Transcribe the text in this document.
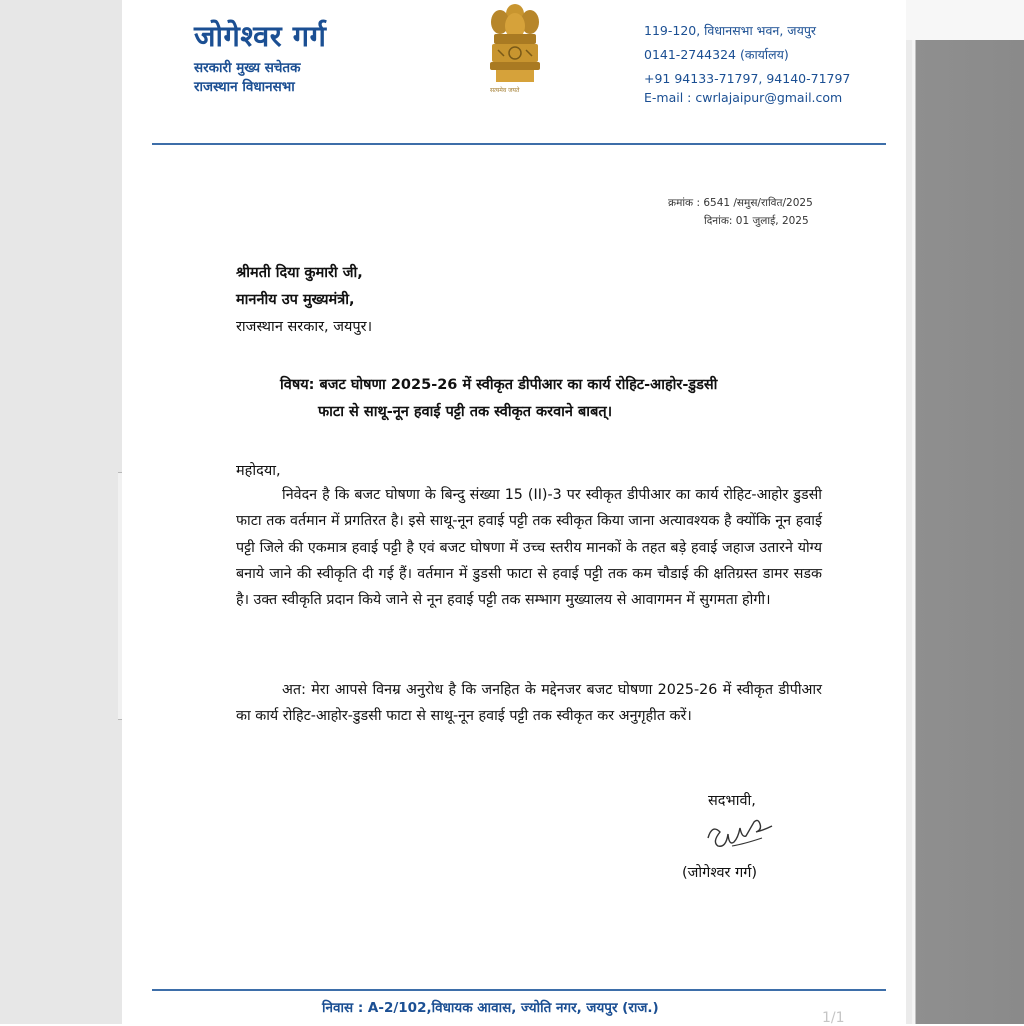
जोगेश्वर गर्ग
सरकारी मुख्य सचेतक
राजस्थान विधानसभा	सत्यमेव जयते
119-120, विधानसभा भवन, जयपुर
0141-2744324 (कार्यालय)
+91 94133-71797, 94140-71797
E-mail : cwrlajaipur@gmail.com
क्रमांक : 6541 /समुस/रावित/2025
दिनांक: 01 जुलाई, 2025
श्रीमती दिया कुमारी जी,
माननीय उप मुख्यमंत्री,
राजस्थान सरकार, जयपुर।
विषय: बजट घोषणा 2025-26 में स्वीकृत डीपीआर का कार्य रोहिट-आहोर-डुडसी
फाटा से साथू-नून हवाई पट्टी तक स्वीकृत करवाने बाबत्।
महोदया,
निवेदन है कि बजट घोषणा के बिन्दु संख्या 15 (II)-3 पर स्वीकृत डीपीआर का कार्य रोहिट-आहोर डुडसी फाटा तक वर्तमान में प्रगतिरत है। इसे साथू-नून हवाई पट्टी तक स्वीकृत किया जाना अत्यावश्यक है क्योंकि नून हवाई पट्टी जिले की एकमात्र हवाई पट्टी है एवं बजट घोषणा में उच्च स्तरीय मानकों के तहत बड़े हवाई जहाज उतारने योग्य बनाये जाने की स्वीकृति दी गई हैं। वर्तमान में डुडसी फाटा से हवाई पट्टी तक कम चौडाई की क्षतिग्रस्त डामर सडक है। उक्त स्वीकृति प्रदान किये जाने से नून हवाई पट्टी तक सम्भाग मुख्यालय से आवागमन में सुगमता होगी।
अत: मेरा आपसे विनम्र अनुरोध है कि जनहित के मद्देनजर बजट घोषणा 2025-26 में स्वीकृत डीपीआर का कार्य रोहिट-आहोर-डुडसी फाटा से साथू-नून हवाई पट्टी तक स्वीकृत कर अनुगृहीत करें।
सदभावी,
(जोगेश्वर गर्ग)
निवास : A-2/102,विधायक आवास, ज्योति नगर, जयपुर (राज.)
1/1
